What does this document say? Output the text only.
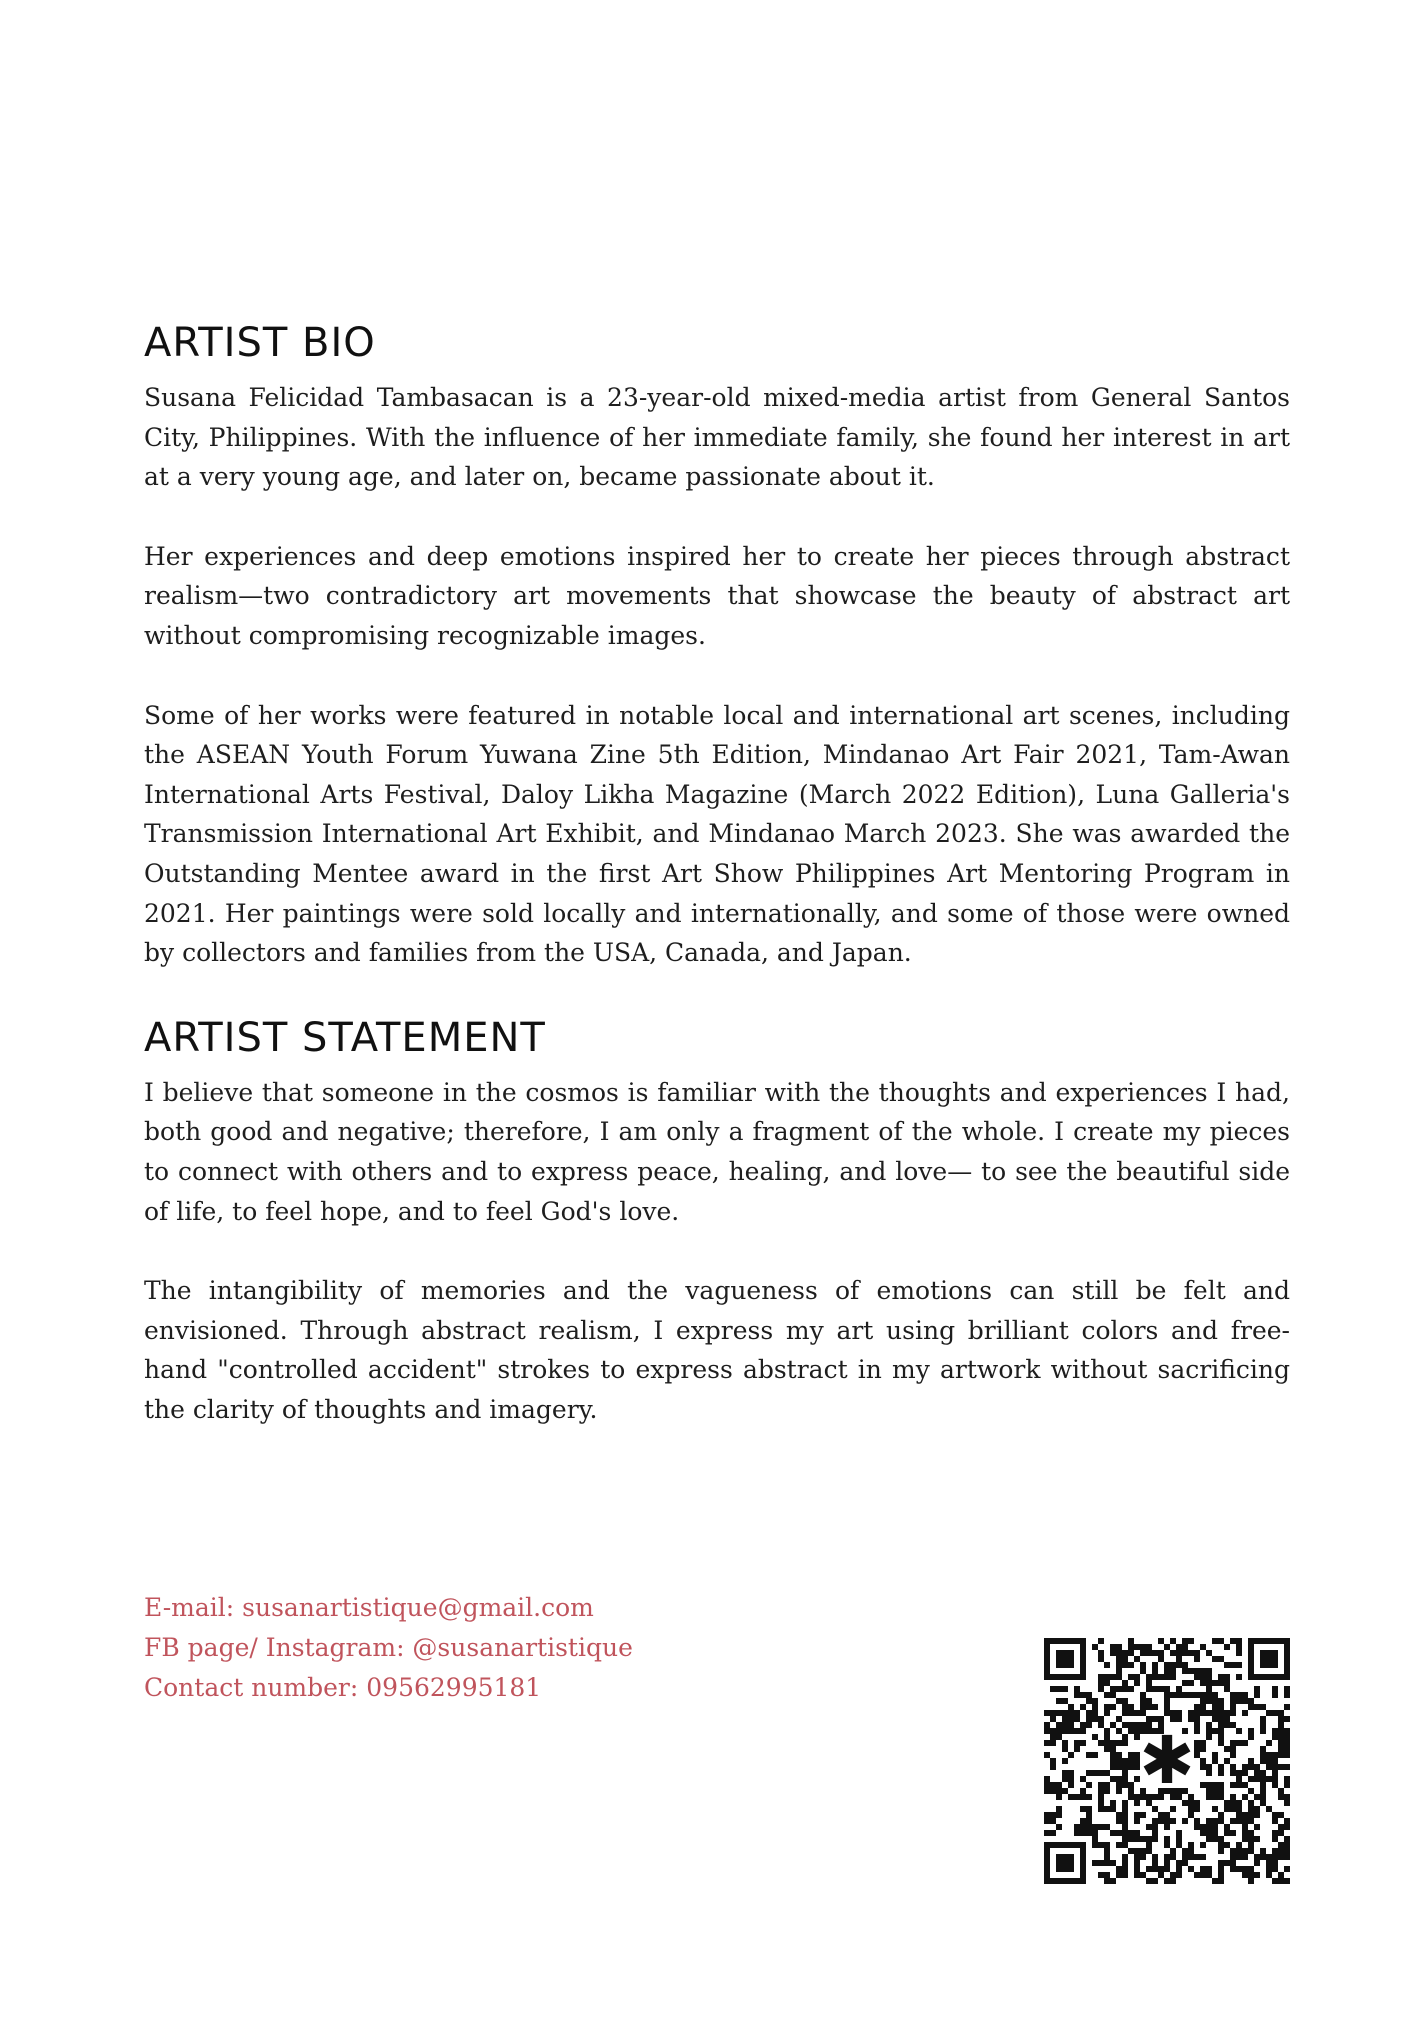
ARTIST BIO

Susana Felicidad Tambasacan is a 23-year-old mixed-media artist from General Santos City, Philippines. With the influence of her immediate family, she found her interest in art at a very young age, and later on, became passionate about it.

Her experiences and deep emotions inspired her to create her pieces through abstract realism—two contradictory art movements that showcase the beauty of abstract art without compromising recognizable images.

Some of her works were featured in notable local and international art scenes, including the ASEAN Youth Forum Yuwana Zine 5th Edition, Mindanao Art Fair 2021, Tam-Awan International Arts Festival, Daloy Likha Magazine (March 2022 Edition), Luna Galleria's Transmission International Art Exhibit, and Mindanao March 2023. She was awarded the Outstanding Mentee award in the first Art Show Philippines Art Mentoring Program in 2021. Her paintings were sold locally and internationally, and some of those were owned by collectors and families from the USA, Canada, and Japan.

ARTIST STATEMENT

I believe that someone in the cosmos is familiar with the thoughts and experiences I had, both good and negative; therefore, I am only a fragment of the whole. I create my pieces to connect with others and to express peace, healing, and love— to see the beautiful side of life, to feel hope, and to feel God's love.

The intangibility of memories and the vagueness of emotions can still be felt and envisioned. Through abstract realism, I express my art using brilliant colors and free-hand "controlled accident" strokes to express abstract in my artwork without sacrificing the clarity of thoughts and imagery.

E-mail: susanartistique@gmail.com
FB page/ Instagram: @susanartistique
Contact number: 09562995181
✱
